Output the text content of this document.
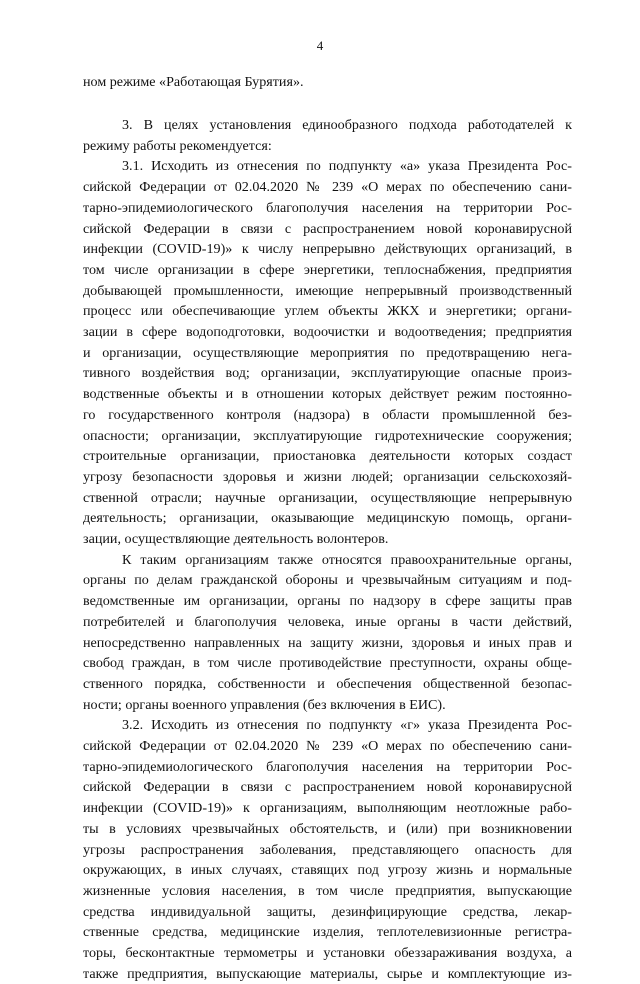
4
ном режиме «Работающая Бурятия».
3. В целях установления единообразного подхода работодателей к
режиму работы рекомендуется:
3.1. Исходить из отнесения по подпункту «а» указа Президента Рос-
сийской Федерации от 02.04.2020 № 239 «О мерах по обеспечению сани-
тарно-эпидемиологического благополучия населения на территории Рос-
сийской Федерации в связи с распространением новой коронавирусной
инфекции (COVID-19)» к числу непрерывно действующих организаций, в
том числе организации в сфере энергетики, теплоснабжения, предприятия
добывающей промышленности, имеющие непрерывный производственный
процесс или обеспечивающие углем объекты ЖКХ и энергетики; органи-
зации в сфере водоподготовки, водоочистки и водоотведения; предприятия
и организации, осуществляющие мероприятия по предотвращению нега-
тивного воздействия вод; организации, эксплуатирующие опасные произ-
водственные объекты и в отношении которых действует режим постоянно-
го государственного контроля (надзора) в области промышленной без-
опасности; организации, эксплуатирующие гидротехнические сооружения;
строительные организации, приостановка деятельности которых создаст
угрозу безопасности здоровья и жизни людей; организации сельскохозяй-
ственной отрасли; научные организации, осуществляющие непрерывную
деятельность; организации, оказывающие медицинскую помощь, органи-
зации, осуществляющие деятельность волонтеров.
К таким организациям также относятся правоохранительные органы,
органы по делам гражданской обороны и чрезвычайным ситуациям и под-
ведомственные им организации, органы по надзору в сфере защиты прав
потребителей и благополучия человека, иные органы в части действий,
непосредственно направленных на защиту жизни, здоровья и иных прав и
свобод граждан, в том числе противодействие преступности, охраны обще-
ственного порядка, собственности и обеспечения общественной безопас-
ности; органы военного управления (без включения в ЕИС).
3.2. Исходить из отнесения по подпункту «г» указа Президента Рос-
сийской Федерации от 02.04.2020 № 239 «О мерах по обеспечению сани-
тарно-эпидемиологического благополучия населения на территории Рос-
сийской Федерации в связи с распространением новой коронавирусной
инфекции (COVID-19)» к организациям, выполняющим неотложные рабо-
ты в условиях чрезвычайных обстоятельств, и (или) при возникновении
угрозы распространения заболевания, представляющего опасность для
окружающих, в иных случаях, ставящих под угрозу жизнь и нормальные
жизненные условия населения, в том числе предприятия, выпускающие
средства индивидуальной защиты, дезинфицирующие средства, лекар-
ственные средства, медицинские изделия, теплотелевизионные регистра-
торы, бесконтактные термометры и установки обеззараживания воздуха, а
также предприятия, выпускающие материалы, сырье и комплектующие из-
